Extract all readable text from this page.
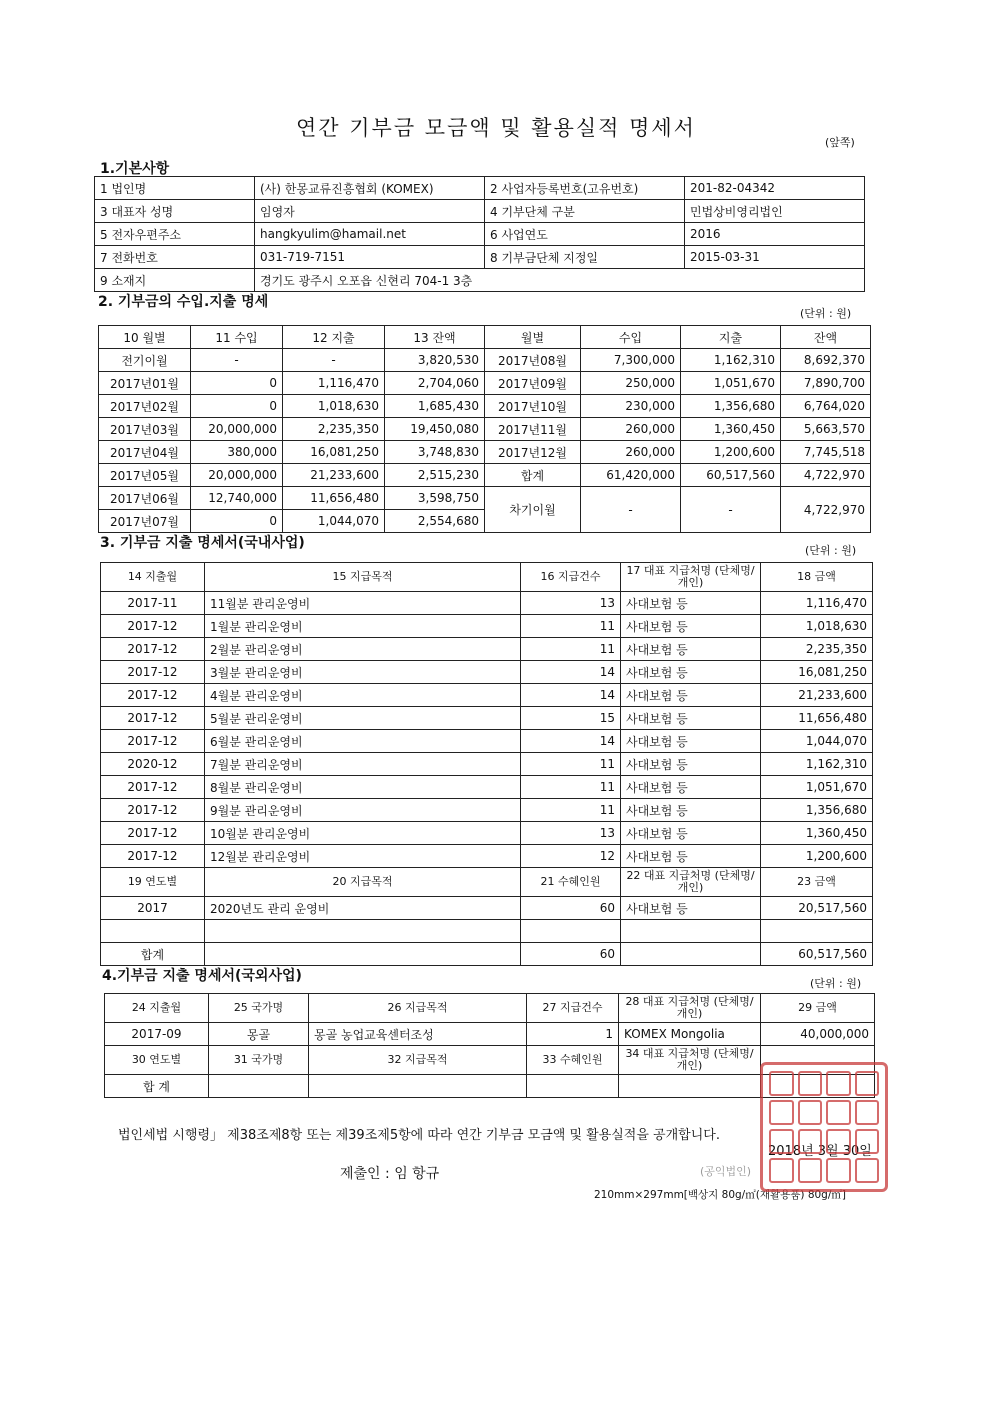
연간 기부금 모금액 및 활용실적 명세서
(앞쪽)
1.기본사항
1 법인명	(사) 한몽교류진흥협회 (KOMEX)	2 사업자등록번호(고유번호)	201-82-04342
3 대표자 성명	임영자	4 기부단체 구분	민법상비영리법인
5 전자우편주소	hangkyulim@hamail.net	6 사업연도	2016
7 전화번호	031-719-7151	8 기부금단체 지정일	2015-03-31
9 소재지	경기도 광주시 오포읍 신현리 704-1 3층		
2. 기부금의 수입.지출 명세
(단위 : 원)
10 월별	11 수입	12 지출	13 잔액	월별	수입	지출	잔액
전기이월	-	-	3,820,530	2017년08월	7,300,000	1,162,310	8,692,370
2017년01월	0	1,116,470	2,704,060	2017년09월	250,000	1,051,670	7,890,700
2017년02월	0	1,018,630	1,685,430	2017년10월	230,000	1,356,680	6,764,020
2017년03월	20,000,000	2,235,350	19,450,080	2017년11월	260,000	1,360,450	5,663,570
2017년04월	380,000	16,081,250	3,748,830	2017년12월	260,000	1,200,600	7,745,518
2017년05월	20,000,000	21,233,600	2,515,230	합계	61,420,000	60,517,560	4,722,970
2017년06월	12,740,000	11,656,480	3,598,750	차기이월	-	-	4,722,970
2017년07월	0	1,044,070	2,554,680				
3. 기부금 지출 명세서(국내사업)	(단위 : 원)
14 지출월	15 지급목적	16 지급건수	17 대표 지급처명 (단체명/개인)	18 금액
2017-11	11월분 관리운영비	13	사대보험 등	1,116,470
2017-12	1월분 관리운영비	11	사대보험 등	1,018,630
2017-12	2월분 관리운영비	11	사대보험 등	2,235,350
2017-12	3월분 관리운영비	14	사대보험 등	16,081,250
2017-12	4월분 관리운영비	14	사대보험 등	21,233,600
2017-12	5월분 관리운영비	15	사대보험 등	11,656,480
2017-12	6월분 관리운영비	14	사대보험 등	1,044,070
2020-12	7월분 관리운영비	11	사대보험 등	1,162,310
2017-12	8월분 관리운영비	11	사대보험 등	1,051,670
2017-12	9월분 관리운영비	11	사대보험 등	1,356,680
2017-12	10월분 관리운영비	13	사대보험 등	1,360,450
2017-12	12월분 관리운영비	12	사대보험 등	1,200,600
19 연도별	20 지급목적	21 수혜인원	22 대표 지급처명 (단체명/개인)	23 금액
2017	2020년도 관리 운영비	60	사대보험 등	20,517,560

합계		60		60,517,560
4.기부금 지출 명세서(국외사업)	(단위 : 원)
24 지출월	25 국가명	26 지급목적	27 지급건수	28 대표 지급처명 (단체명/개인)	29 금액
2017-09	몽골	몽골 농업교육센터조성	1	KOMEX Mongolia	40,000,000
30 연도별	31 국가명	32 지급목적	33 수혜인원	34 대표 지급처명 (단체명/개인)	
합 계					
법인세법 시행령」 제38조제8항 또는 제39조제5항에 따라 연간 기부금 모금액 및 활용실적을 공개합니다.
2018년 3월 30일
제출인 : 임 항규	(공익법인)
210mm×297mm[백상지 80g/㎡(재활용품) 80g/㎡]
